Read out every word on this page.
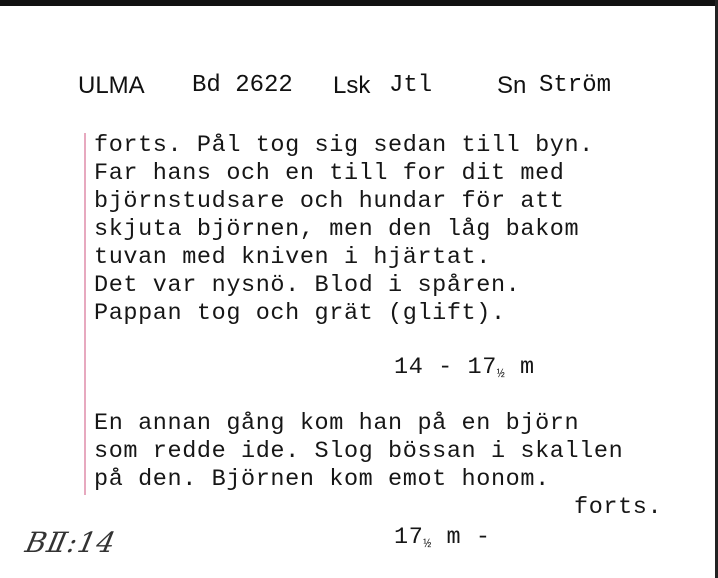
ULMA Bd 2622 Lsk Jtl	Sn Ström
forts. Pål tog sig sedan till byn.
Far hans och en till for dit med
björnstudsare och hundar för att
skjuta björnen, men den låg bakom
tuvan med kniven i hjärtat.
Det var nysnö. Blod i spåren.
Pappan tog och grät (glift).
14 - 17½ m
En annan gång kom han på en björn
som redde ide. Slog bössan i skallen
på den. Björnen kom emot honom.
forts.
17½ m -
BⅡ:14
